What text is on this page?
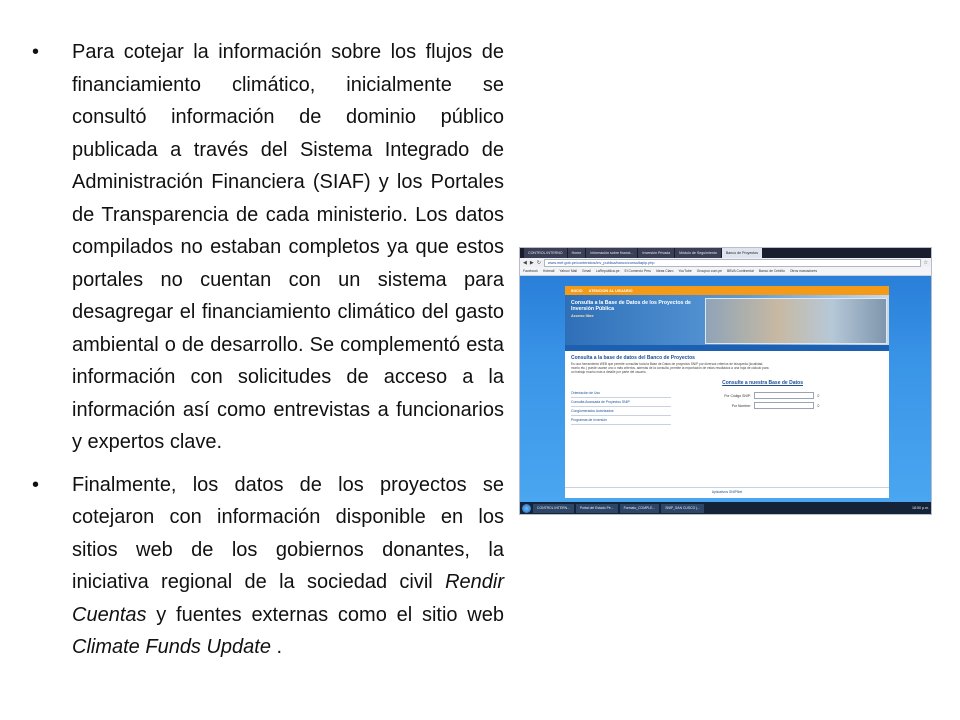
• Para cotejar la información sobre los flujos de financiamiento climático, inicialmente se consultó información de dominio público publicada a través del Sistema Integrado de Administración Financiera (SIAF) y los Portales de Transparencia de cada ministerio. Los datos compilados no estaban completos ya que estos portales no cuentan con un sistema para desagregar el financiamiento climático del gasto ambiental o de desarrollo. Se complementó esta información con solicitudes de acceso a la información así como entrevistas a funcionarios y expertos clave.
• Finalmente, los datos de los proyectos se cotejaron con información disponible en los sitios web de los gobiernos donantes, la iniciativa regional de la sociedad civil Rendir Cuentas y fuentes externas como el sitio web Climate Funds Update .
CONTROL INTERNO	Home	Información sobre financi...	Inversión Privada	Módulo de Seguimiento	Banco de Proyectos
◀ ▶ ↻	www.mef.gob.pe/contenidos/inv_publica/banco/consultapip.php	☆
Facebook Hotmail Yahoo! Mail Gmail LaRepublica.pe El Comercio Peru Ideas Claro YouTube Groupon.com.pe BBVA Continental Banco de Crédito Otros marcadores
INICIO ATENCION AL USUARIO
Consulta a la Base de Datos de los Proyectos de Inversión Pública
Acceso libre
Consulta a la base de datos del Banco de Proyectos
Es una herramienta WEB que permite consultar toda la Base de Datos de proyectos SNIP por diversos criterios de búsqueda (localidad, monto etc.) puede usarse uno o más criterios, además de la consulta, permite la exportación de estos resultados a una hoja de cálculo para un trabajo mucho más a detalle por parte del usuario.
Consulte a nuestra Base de Datos
Orientación de Uso
Consulta Avanzada de Proyectos SNIP
Conglomerados Autorizados
Programas de Inversión
Por Código SNIP:	⌕
Por Nombre:	⌕
Aplicativos SNIPNet
CONTROL INTERN...	Portal del Estado Pe...	Formato_COMPLE...	SNIP_SAN CUSCO (...	18:50 p.m.
